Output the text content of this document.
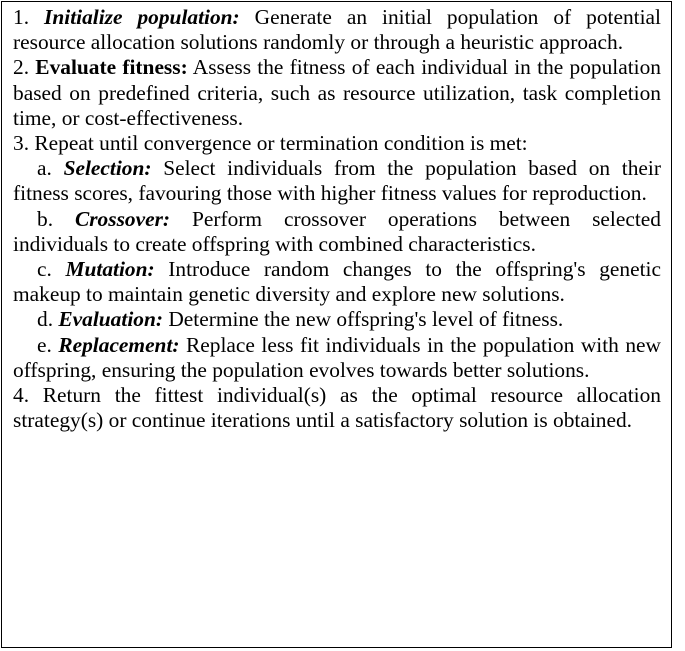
1. Initialize population: Generate an initial population of potential resource allocation solutions randomly or through a heuristic approach.

2. Evaluate fitness: Assess the fitness of each individual in the population based on predefined criteria, such as resource utilization, task completion time, or cost-effectiveness.

3. Repeat until convergence or termination condition is met:

a. Selection: Select individuals from the population based on their fitness scores, favouring those with higher fitness values for reproduction.

b. Crossover: Perform crossover operations between selected individuals to create offspring with combined characteristics.

c. Mutation: Introduce random changes to the offspring's genetic makeup to maintain genetic diversity and explore new solutions.

d. Evaluation: Determine the new offspring's level of fitness.

e. Replacement: Replace less fit individuals in the population with new offspring, ensuring the population evolves towards better solutions.

4. Return the fittest individual(s) as the optimal resource allocation strategy(s) or continue iterations until a satisfactory solution is obtained.
